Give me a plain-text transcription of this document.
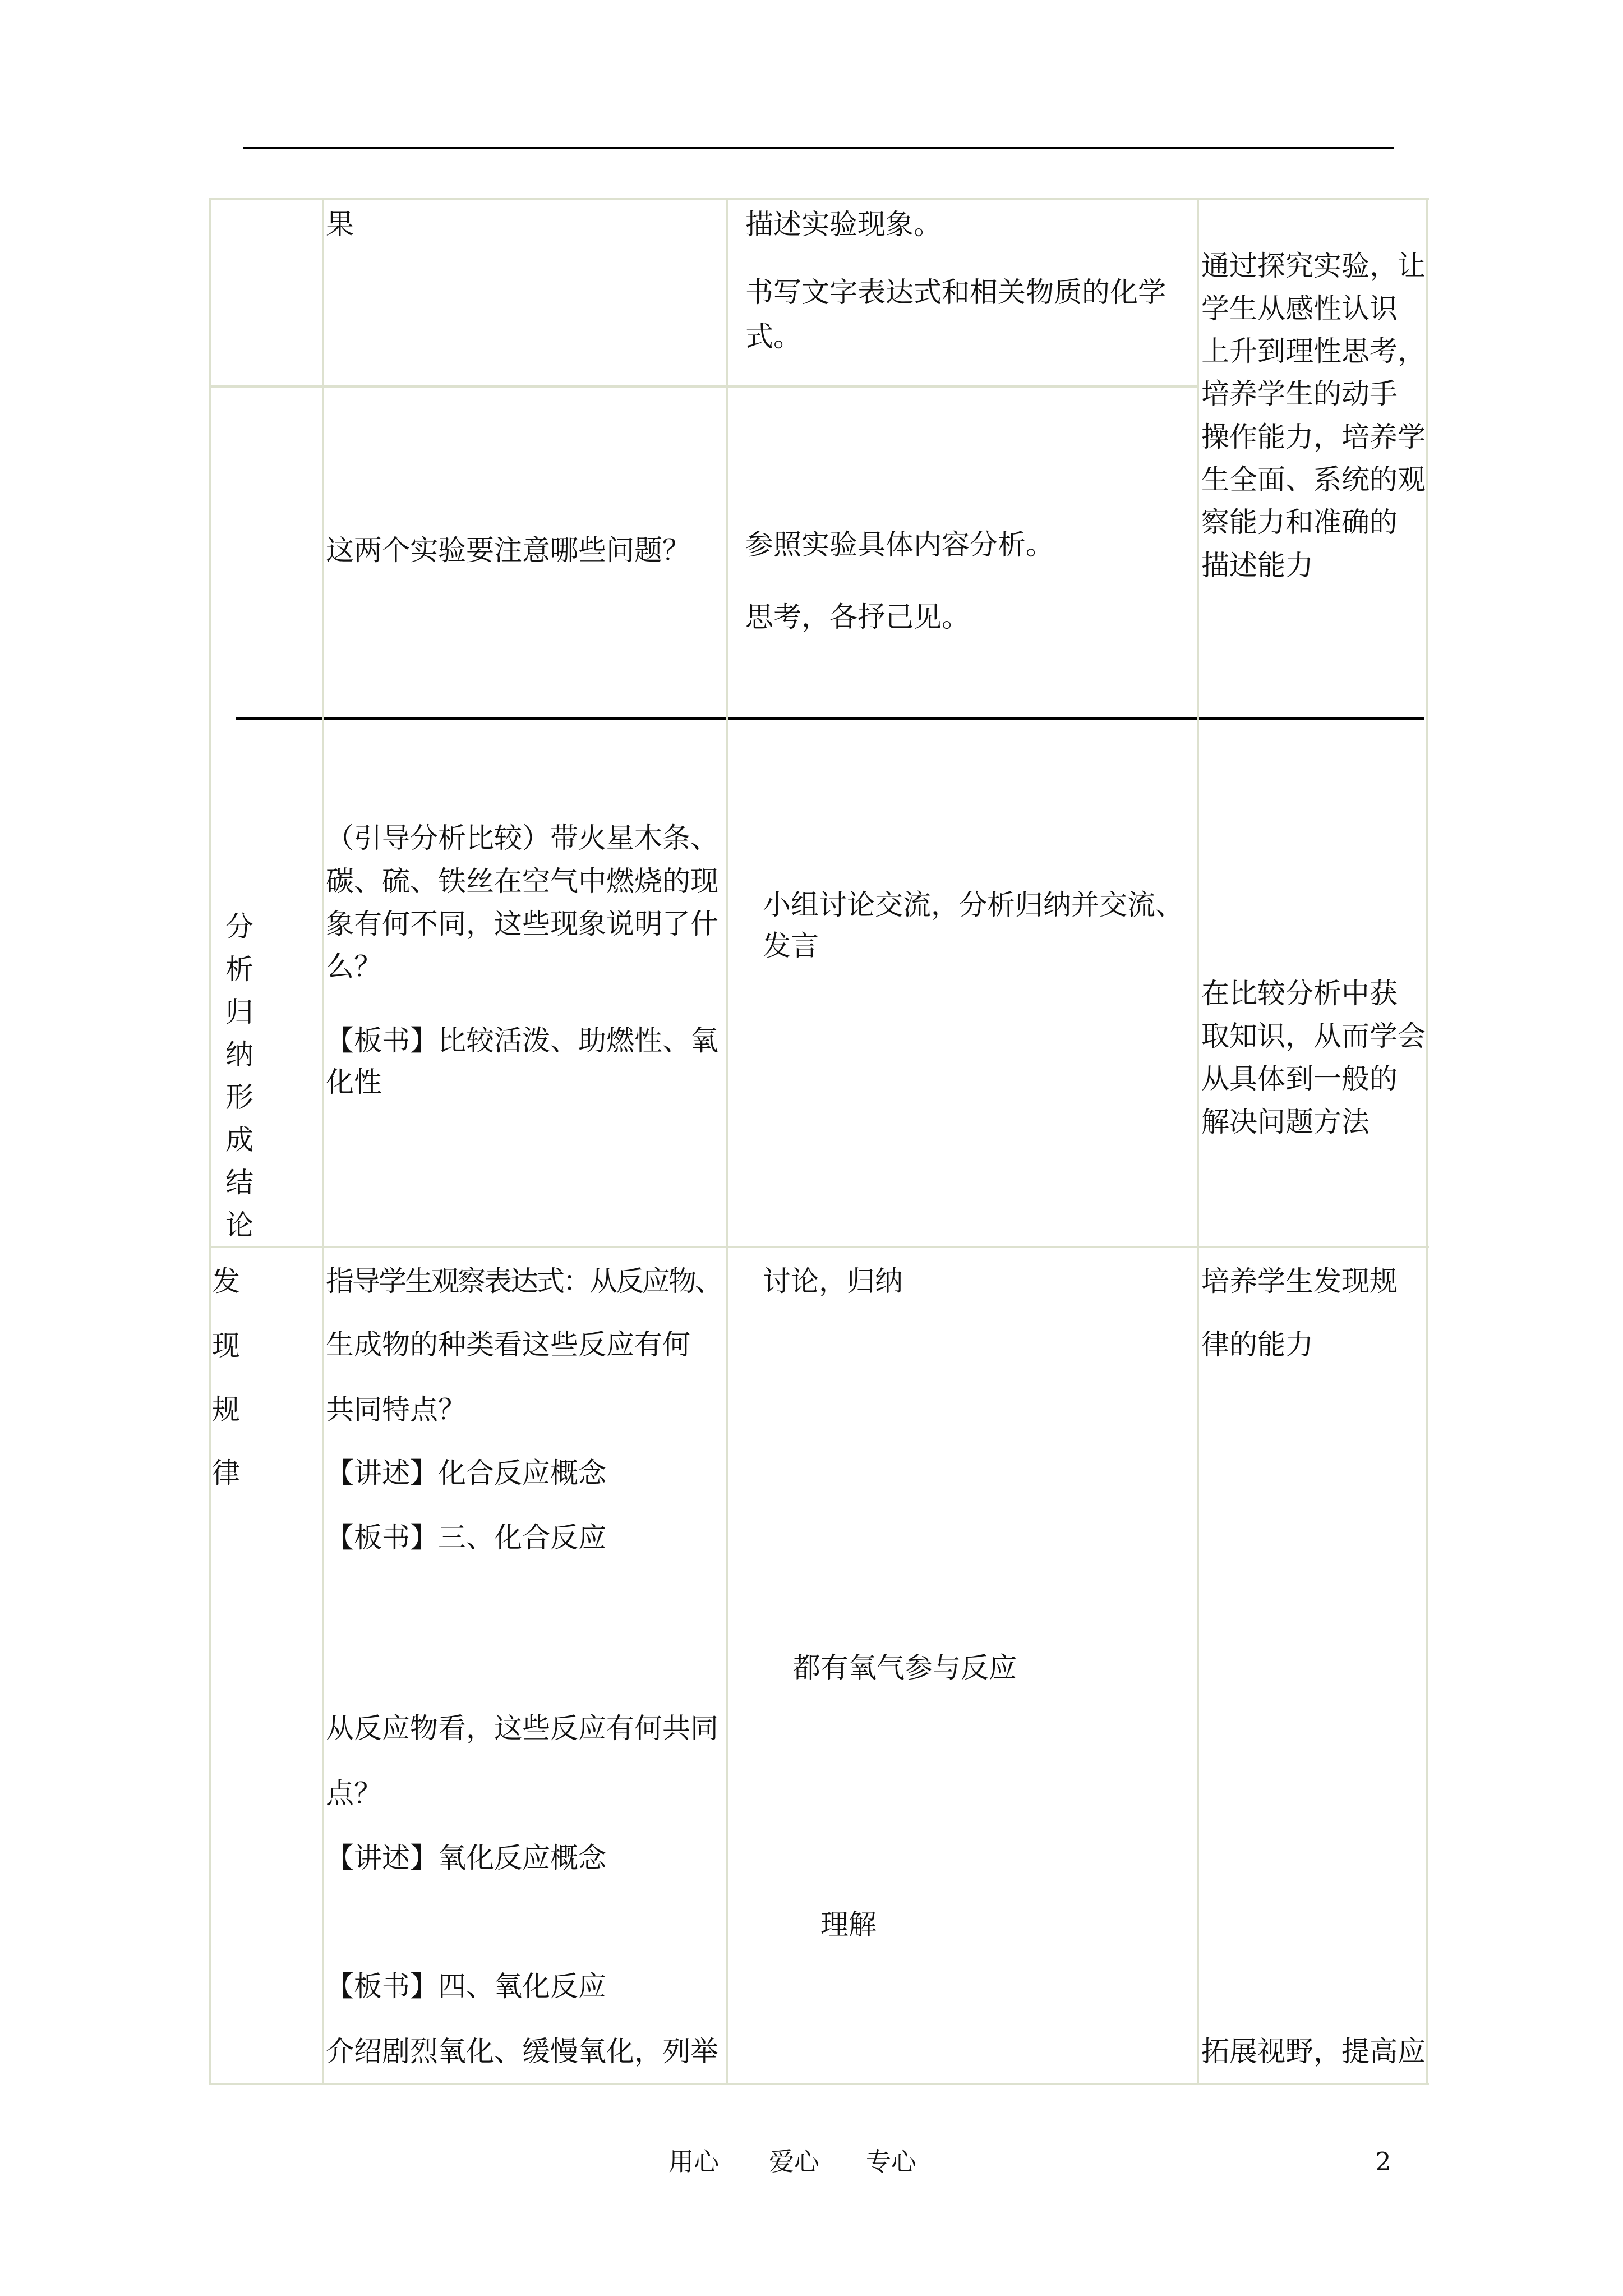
果	描述实验现象。
书写文字表达式和相关物质的化学
式。
通过探究实验，让
学生从感性认识
上升到理性思考，
培养学生的动手
操作能力，培养学
生全面、系统的观
察能力和准确的
描述能力
这两个实验要注意哪些问题？ 参照实验具体内容分析。
思考，各抒己见。
分
析
归
纳
形
成
结
论
（引导分析比较）带火星木条、
碳、硫、铁丝在空气中燃烧的现
象有何不同，这些现象说明了什
么？
【板书】比较活泼、助燃性、氧
化性
小组讨论交流，分析归纳并交流、
发言
在比较分析中获
取知识，从而学会
从具体到一般的
解决问题方法
发
现
规
律
指导学生观察表达式：从反应物、
生成物的种类看这些反应有何
共同特点？
【讲述】化合反应概念
【板书】三、化合反应
从反应物看，这些反应有何共同
点？
【讲述】氧化反应概念
【板书】四、氧化反应
介绍剧烈氧化、缓慢氧化，列举
讨论，归纳
都有氧气参与反应
理解
培养学生发现规
律的能力
拓展视野，提高应
用心 爱心 专心	2
